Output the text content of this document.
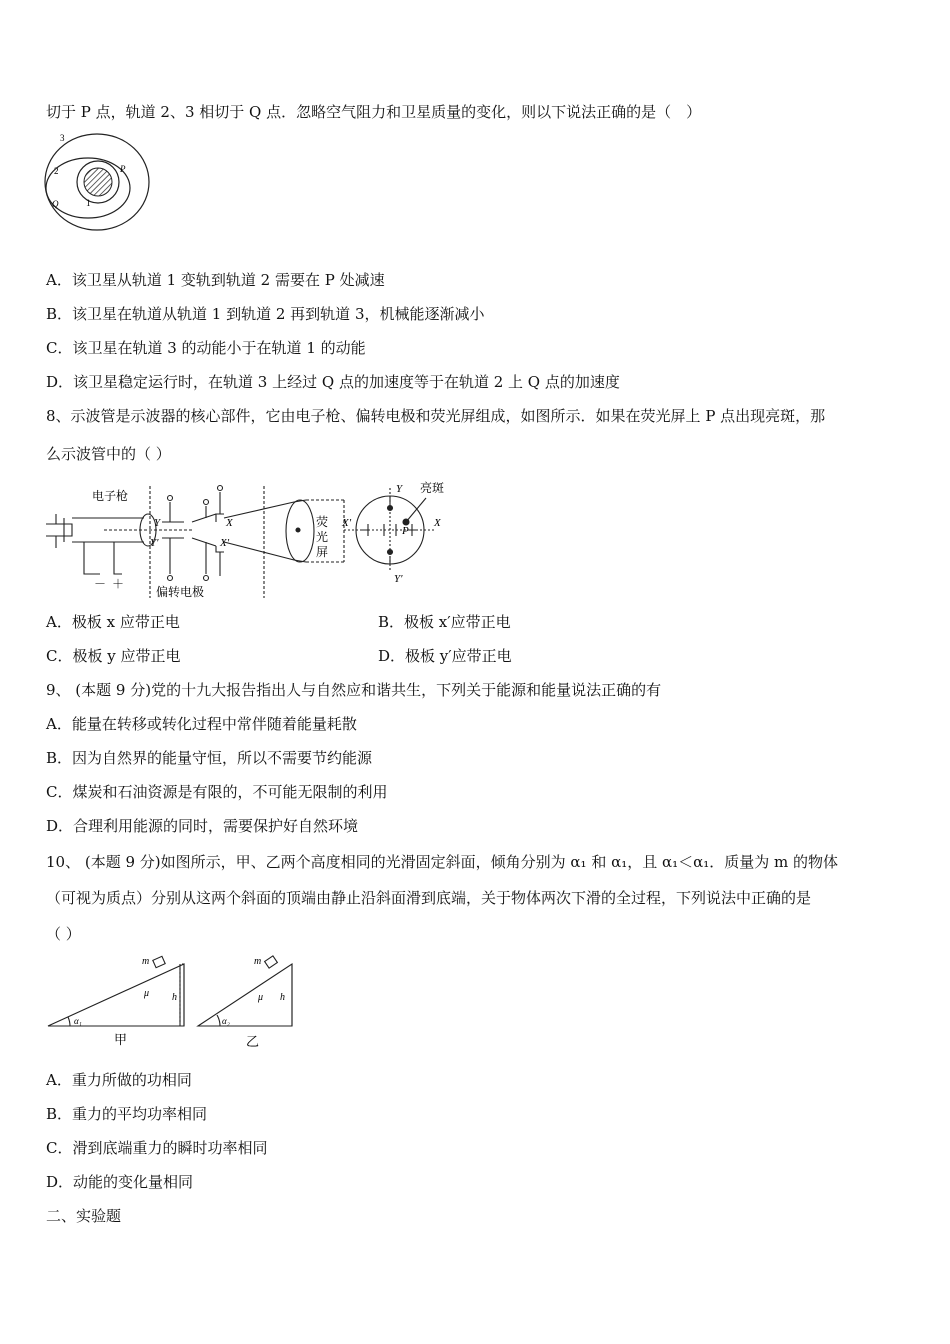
切于 P 点，轨道 2、3 相切于 Q 点．忽略空气阻力和卫星质量的变化，则以下说法正确的是（　）
3
2
1
P
Q
A．该卫星从轨道 1 变轨到轨道 2 需要在 P 处减速
B．该卫星在轨道从轨道 1 到轨道 2 再到轨道 3，机械能逐渐减小
C．该卫星在轨道 3 的动能小于在轨道 1 的动能
D．该卫星稳定运行时，在轨道 3 上经过 Q 点的加速度等于在轨道 2 上 Q 点的加速度
8、示波管是示波器的核心部件，它由电子枪、偏转电极和荧光屏组成，如图所示．如果在荧光屏上 P 点出现亮斑，那
么示波管中的（ ）
电子枪
偏转电极
－ ＋
荧
光
屏
亮斑
Y
Y′
X
X′
Y
Y′
X
X′
P
A．极板 x 应带正电	B．极板 x′应带正电
C．极板 y 应带正电	D．极板 y′应带正电
9、 (本题 9 分)党的十九大报告指出人与自然应和谐共生，下列关于能源和能量说法正确的有
A．能量在转移或转化过程中常伴随着能量耗散
B．因为自然界的能量守恒，所以不需要节约能源
C．煤炭和石油资源是有限的，不可能无限制的利用
D．合理利用能源的同时，需要保护好自然环境
10、 (本题 9 分)如图所示，甲、乙两个高度相同的光滑固定斜面，倾角分别为 α₁ 和 α₁，且 α₁＜α₁．质量为 m 的物体
（可视为质点）分别从这两个斜面的顶端由静止沿斜面滑到底端，关于物体两次下滑的全过程，下列说法中正确的是
（ ）
m	m
μ	μ
h	h
α₁	α₂
甲	乙
A．重力所做的功相同
B．重力的平均功率相同
C．滑到底端重力的瞬时功率相同
D．动能的变化量相同
二、实验题
